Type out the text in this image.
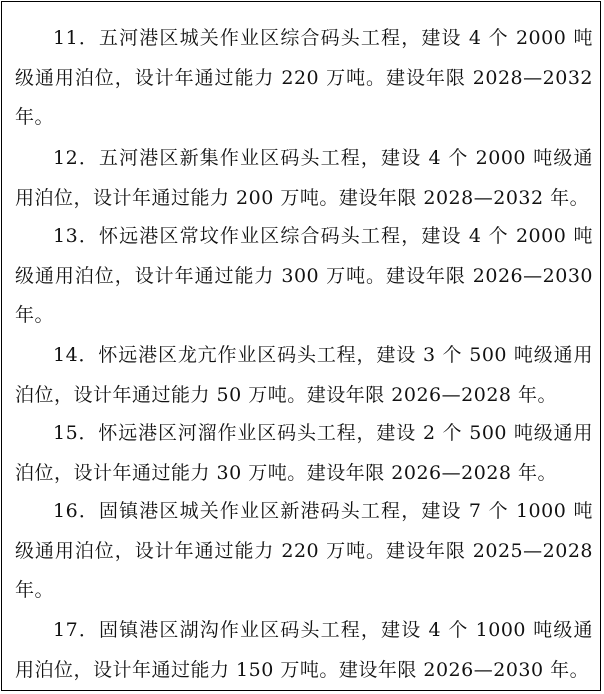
11．五河港区城关作业区综合码头工程，建设 4 个 2000 吨级通用泊位，设计年通过能力 220 万吨。建设年限 2028—2032 年。

12．五河港区新集作业区码头工程，建设 4 个 2000 吨级通用泊位，设计年通过能力 200 万吨。建设年限 2028—2032 年。

13．怀远港区常坟作业区综合码头工程，建设 4 个 2000 吨级通用泊位，设计年通过能力 300 万吨。建设年限 2026—2030 年。

14．怀远港区龙亢作业区码头工程，建设 3 个 500 吨级通用泊位，设计年通过能力 50 万吨。建设年限 2026—2028 年。

15．怀远港区河溜作业区码头工程，建设 2 个 500 吨级通用泊位，设计年通过能力 30 万吨。建设年限 2026—2028 年。

16．固镇港区城关作业区新港码头工程，建设 7 个 1000 吨级通用泊位，设计年通过能力 220 万吨。建设年限 2025—2028 年。

17．固镇港区湖沟作业区码头工程，建设 4 个 1000 吨级通用泊位，设计年通过能力 150 万吨。建设年限 2026—2030 年。
